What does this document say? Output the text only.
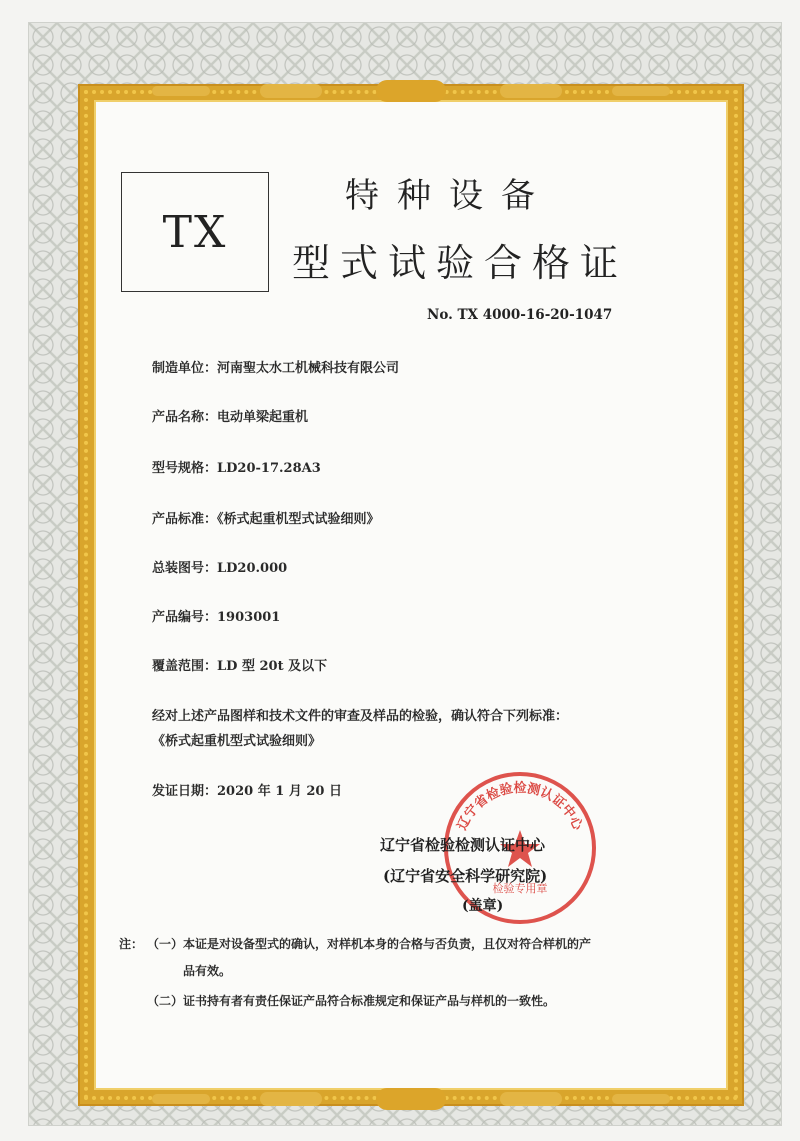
TX
特种设备
型式试验合格证
No. TX 4000-16-20-1047
制造单位：河南聖太水工机械科技有限公司
产品名称：电动单梁起重机
型号规格：LD20-17.28A3
产品标准：《桥式起重机型式试验细则》
总装图号：LD20.000
产品编号：1903001
覆盖范围：LD 型 20t 及以下
经对上述产品图样和技术文件的审查及样品的检验，确认符合下列标准：
《桥式起重机型式试验细则》
发证日期：2020 年 1 月 20 日
辽宁省检验检测认证中心
检验专用章
辽宁省检验检测认证中心
(辽宁省安全科学研究院)
(盖章)
注： （一）本证是对设备型式的确认，对样机本身的合格与否负责，且仅对符合样机的产
品有效。
（二）证书持有者有责任保证产品符合标准规定和保证产品与样机的一致性。
